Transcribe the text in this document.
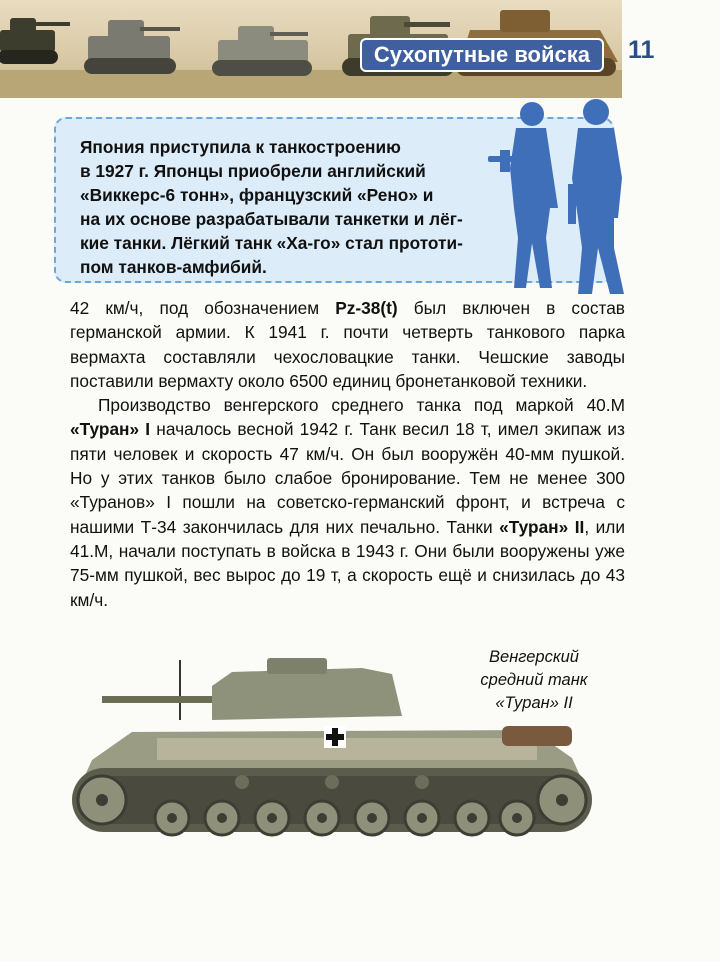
Сухопутные войска	11
Япония приступила к танкостроению
в 1927 г. Японцы приобрели английский
«Виккерс-6 тонн», французский «Рено» и
на их основе разрабатывали танкетки и лёг-
кие танки. Лёгкий танк «Ха-го» стал прототи-
пом танков-амфибий.

42 км/ч, под обозначением Pz-38(t) был включен в состав германской армии. К 1941 г. почти четверть танкового парка вермахта составляли чехословацкие танки. Чешские заводы поставили вермахту около 6500 единиц бронетанковой техники.

Производство венгерского среднего танка под маркой 40.М «Туран» I началось весной 1942 г. Танк весил 18 т, имел экипаж из пяти человек и скорость 47 км/ч. Он был вооружён 40-мм пушкой. Но у этих танков было слабое бронирование. Тем не менее 300 «Туранов» I пошли на советско-германский фронт, и встреча с нашими Т-34 закончилась для них печально. Танки «Туран» II, или 41.М, начали поступать в войска в 1943 г. Они были вооружены уже 75-мм пушкой, вес вырос до 19 т, а скорость ещё и снизилась до 43 км/ч.

Венгерский
средний танк
«Туран» II
